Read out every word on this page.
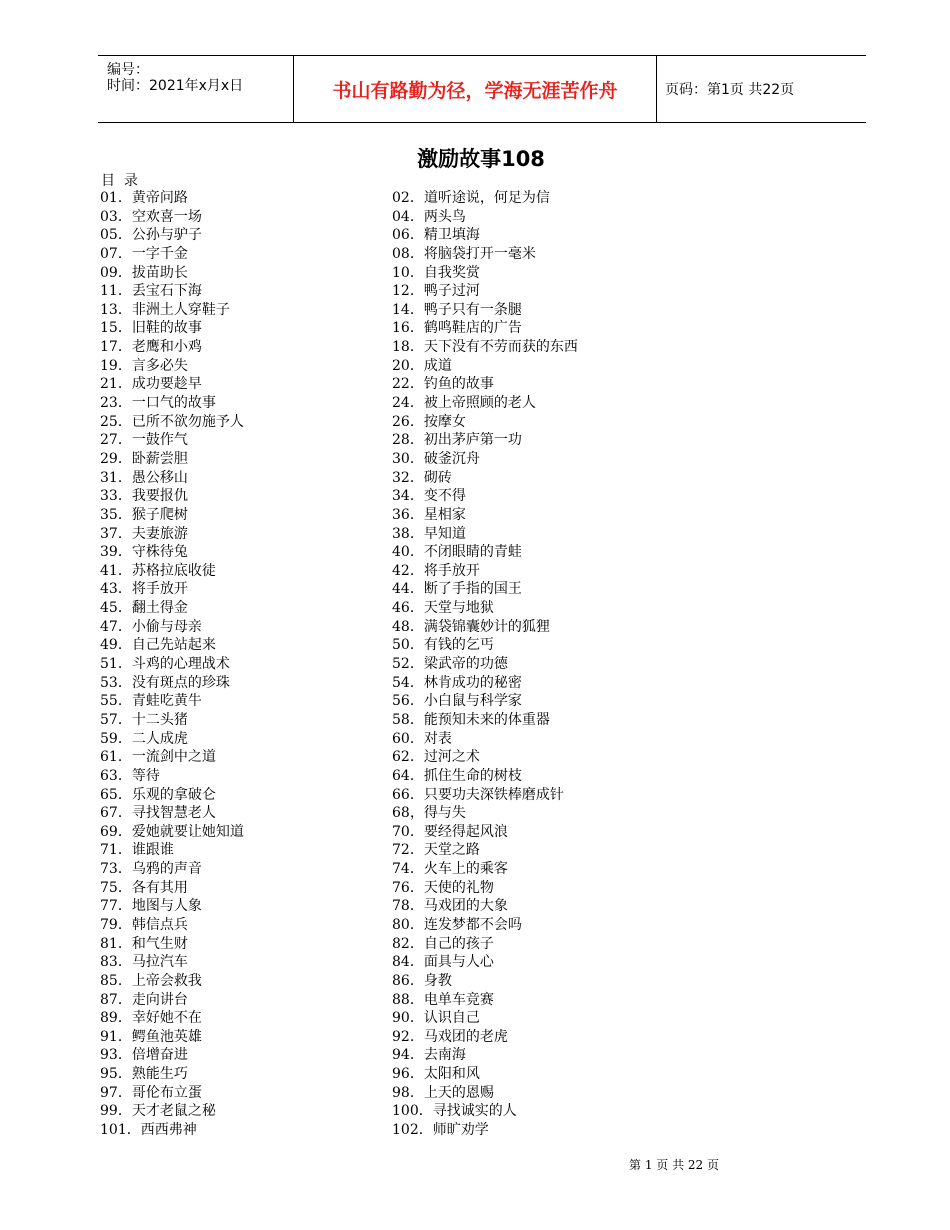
编号：
时间：2021年x月x日	书山有路勤为径，学海无涯苦作舟	页码：第1页 共22页
激励故事108
目  录
01．黄帝问路
03．空欢喜一场
05．公孙与驴子
07．一字千金
09．拔苗助长
11．丢宝石下海
13．非洲土人穿鞋子
15．旧鞋的故事
17．老鹰和小鸡
19．言多必失
21．成功要趁早
23．一口气的故事
25．已所不欲勿施予人
27．一鼓作气
29．卧薪尝胆
31．愚公移山
33．我要报仇
35．猴子爬树
37．夫妻旅游
39．守株待兔
41．苏格拉底收徒
43．将手放开
45．翻土得金
47．小偷与母亲
49．自己先站起来
51．斗鸡的心理战术
53．没有斑点的珍珠
55．青蛙吃黄牛
57．十二头猪
59．二人成虎
61．一流剑中之道
63．等待
65．乐观的拿破仑
67．寻找智慧老人
69．爱她就要让她知道
71．谁跟谁
73．乌鸦的声音
75．各有其用
77．地图与人象
79．韩信点兵
81．和气生财
83．马拉汽车
85．上帝会救我
87．走向讲台
89．幸好她不在
91．鳄鱼池英雄
93．倍增奋进
95．熟能生巧
97．哥伦布立蛋
99．天才老鼠之秘
101．西西弗神
02．道听途说，何足为信
04．两头鸟
06．精卫填海
08．将脑袋打开一毫米
10．自我奖赏
12．鸭子过河
14．鸭子只有一条腿
16．鹤鸣鞋店的广告
18．天下没有不劳而获的东西
20．成道
22．钓鱼的故事
24．被上帝照顾的老人
26．按摩女
28．初出茅庐第一功
30．破釜沉舟
32．砌砖
34．变不得
36．星相家
38．早知道
40．不闭眼睛的青蛙
42．将手放开
44．断了手指的国王
46．天堂与地狱
48．满袋锦囊妙计的狐狸
50．有钱的乞丐
52．梁武帝的功德
54．林肯成功的秘密
56．小白鼠与科学家
58．能预知未来的体重器
60．对表
62．过河之术
64．抓住生命的树枝
66．只要功夫深铁棒磨成针
68，得与失
70．要经得起风浪
72．天堂之路
74．火车上的乘客
76．天使的礼物
78．马戏团的大象
80．连发梦都不会吗
82．自己的孩子
84．面具与人心
86．身教
88．电单车竞赛
90．认识自己
92．马戏团的老虎
94．去南海
96．太阳和风
98．上天的恩赐
100．寻找诚实的人
102．师旷劝学
第 1 页 共 22 页
